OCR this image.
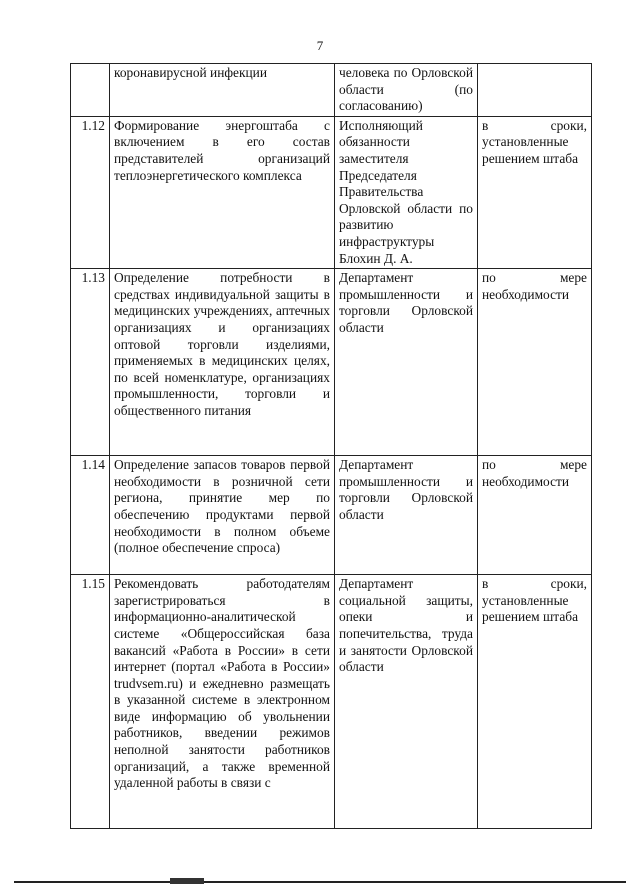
7
	коронавирусной инфекции	человека по Орловской области (по согласованию)	
1.12	Формирование энергоштаба с включением в его состав представителей организаций теплоэнергетического комплекса	Исполняющий обязанности заместителя Председателя Правительства Орловской области по развитию инфраструктуры Блохин Д. А.	в сроки, установленные решением штаба
1.13	Определение потребности в средствах индивидуальной защиты в медицинских учреждениях, аптечных организациях и организациях оптовой торговли изделиями, применяемых в медицинских целях, по всей номенклатуре, организациях промышленности, торговли и общественного питания	Департамент промышленности и торговли Орловской области	по мере необходимости
1.14	Определение запасов товаров первой необходимости в розничной сети региона, принятие мер по обеспечению продуктами первой необходимости в полном объеме (полное обеспечение спроса)	Департамент промышленности и торговли Орловской области	по мере необходимости
1.15	Рекомендовать работодателям зарегистрироваться в информационно-аналитической системе «Общероссийская база вакансий «Работа в России» в сети интернет (портал «Работа в России» trudvsem.ru) и ежедневно размещать в указанной системе в электронном виде информацию об увольнении работников, введении режимов неполной занятости работников организаций, а также временной удаленной работы в связи с	Департамент социальной защиты, опеки и попечительства, труда и занятости Орловской области	в сроки, установленные решением штаба
